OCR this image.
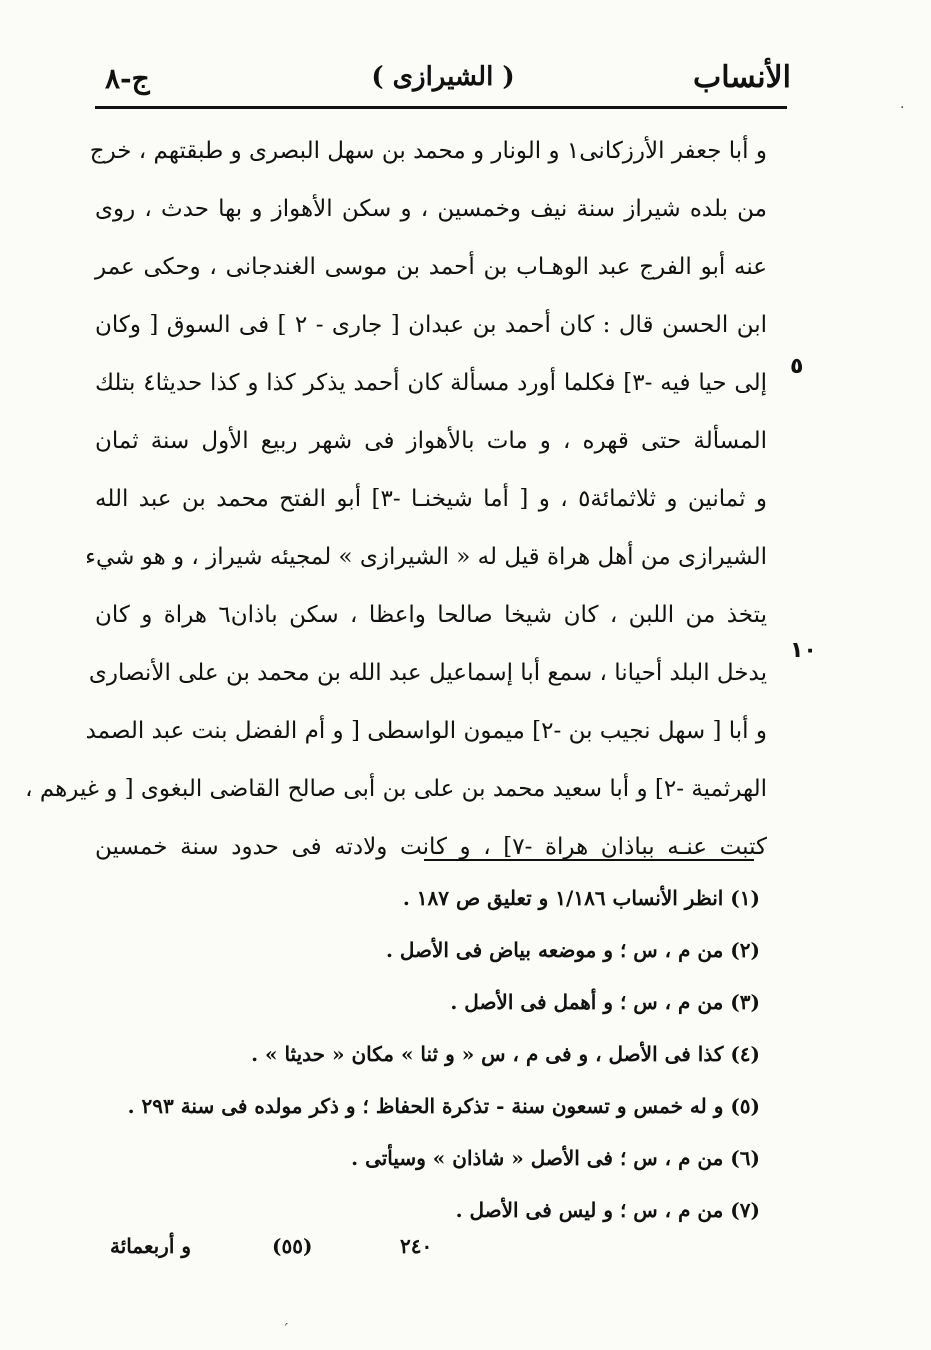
الأنساب
( الشيرازى )
ج-٨
و أبا جعفر الأرزكانى١ و الونار و محمد بن سهل البصرى و طبقتهم ، خرج
من بلده شيراز سنة نيف وخمسين ، و سكن الأهواز و بها حدث ، روى
عنه أبو الفرج عبد الوهـاب بن أحمد بن موسى الغندجانى ، وحكى عمر
ابن الحسن قال : كان أحمد بن عبدان [ جارى - ٢ ] فى السوق [ وكان
إلى حيا فيه -٣] فكلما أورد مسألة كان أحمد يذكر كذا و كذا حديثا٤ بتلك
المسألة حتى قهره ، و مات بالأهواز فى شهر ربيع الأول سنة ثمان
و ثمانين و ثلاثمائة٥ ، و [ أما شيخنـا -٣] أبو الفتح محمد بن عبد الله
الشيرازى من أهل هراة قيل له « الشيرازى » لمجيئه شيراز ، و هو شيء
يتخذ من اللبن ، كان شيخا صالحا واعظا ، سكن باذان٦ هراة و كان
يدخل البلد أحيانا ، سمع أبا إسماعيل عبد الله بن محمد بن على الأنصارى
و أبا [ سهل نجيب بن -٢] ميمون الواسطى [ و أم الفضل بنت عبد الصمد
الهرثمية -٢] و أبا سعيد محمد بن على بن أبى صالح القاضى البغوى [ و غيرهم ،
كتبت عنـه بباذان هراة -٧] ، و كانت ولادته فى حدود سنة خمسين
٥
١٠
(١) انظر الأنساب ١/١٨٦ و تعليق ص ١٨٧ .
(٢) من م ، س ؛ و موضعه بياض فى الأصل .
(٣) من م ، س ؛ و أهمل فى الأصل .
(٤) كذا فى الأصل ، و فى م ، س « و ثنا » مكان « حديثا » .
(٥) و له خمس و تسعون سنة - تذكرة الحفاظ ؛ و ذكر مولده فى سنة ٢٩٣ .
(٦) من م ، س ؛ فى الأصل « شاذان » وسيأتى .
(٧) من م ، س ؛ و ليس فى الأصل .
و أربعمائة	(٥٥)	٢٤٠
·
´
